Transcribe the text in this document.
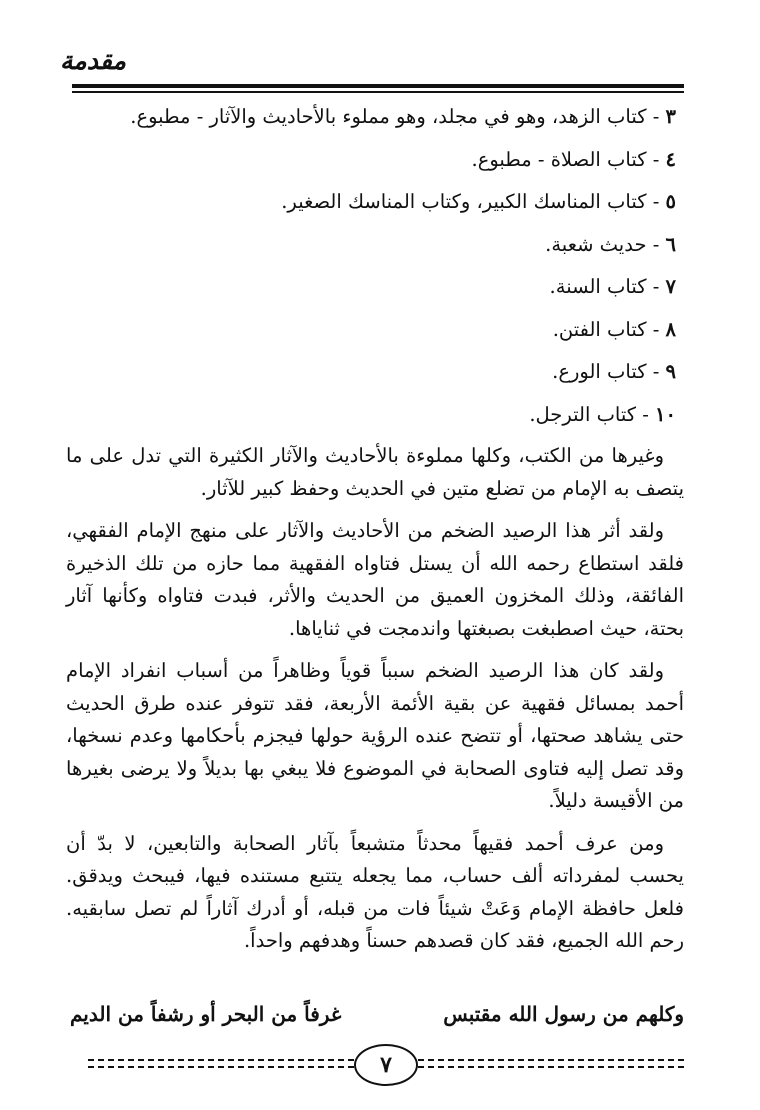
مقدمة
٣ - كتاب الزهد، وهو في مجلد، وهو مملوء بالأحاديث والآثار - مطبوع.
٤ - كتاب الصلاة - مطبوع.
٥ - كتاب المناسك الكبير، وكتاب المناسك الصغير.
٦ - حديث شعبة.
٧ - كتاب السنة.
٨ - كتاب الفتن.
٩ - كتاب الورع.
١٠ - كتاب الترجل.

وغيرها من الكتب، وكلها مملوءة بالأحاديث والآثار الكثيرة التي تدل على ما يتصف به الإمام من تضلع متين في الحديث وحفظ كبير للآثار.

ولقد أثر هذا الرصيد الضخم من الأحاديث والآثار على منهج الإمام الفقهي، فلقد استطاع رحمه الله أن يستل فتاواه الفقهية مما حازه من تلك الذخيرة الفائقة، وذلك المخزون العميق من الحديث والأثر، فبدت فتاواه وكأنها آثار بحتة، حيث اصطبغت بصبغتها واندمجت في ثناياها.

ولقد كان هذا الرصيد الضخم سبباً قوياً وظاهراً من أسباب انفراد الإمام أحمد بمسائل فقهية عن بقية الأئمة الأربعة، فقد تتوفر عنده طرق الحديث حتى يشاهد صحتها، أو تتضح عنده الرؤية حولها فيجزم بأحكامها وعدم نسخها، وقد تصل إليه فتاوى الصحابة في الموضوع فلا يبغي بها بديلاً ولا يرضى بغيرها من الأقيسة دليلاً.

ومن عرف أحمد فقيهاً محدثاً متشبعاً بآثار الصحابة والتابعين، لا بدّ أن يحسب لمفرداته ألف حساب، مما يجعله يتتبع مستنده فيها، فيبحث ويدقق. فلعل حافظة الإمام وَعَتْ شيئاً فات من قبله، أو أدرك آثاراً لم تصل سابقيه. رحم الله الجميع، فقد كان قصدهم حسناً وهدفهم واحداً.

وكلهم من رسول الله مقتبس
غرفاً من البحر أو رشفاً من الديم
٧
